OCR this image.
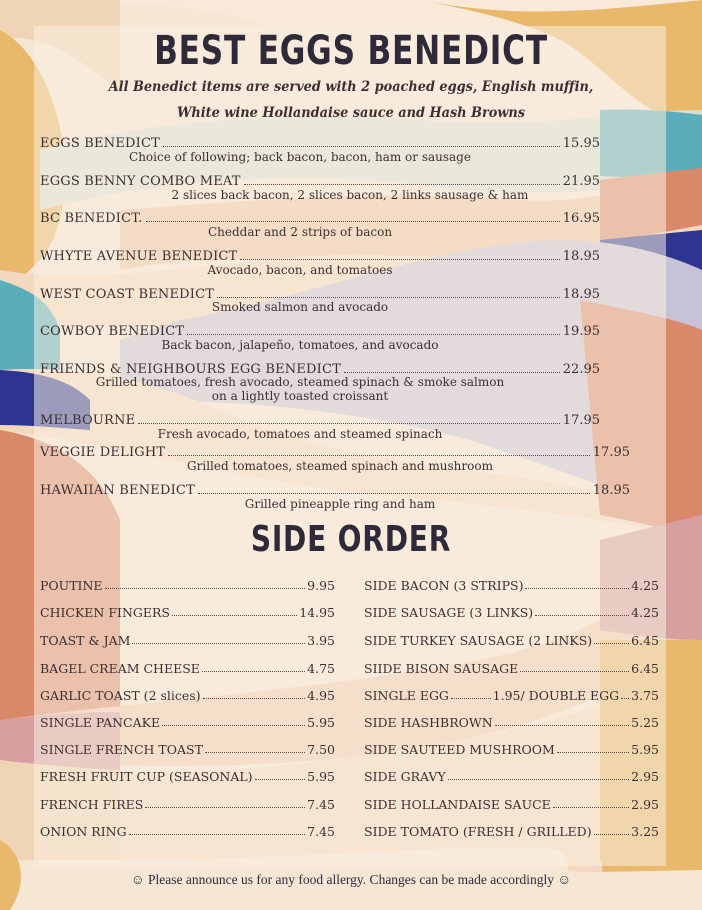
BEST EGGS BENEDICT
All Benedict items are served with 2 poached eggs, English muffin,
White wine Hollandaise sauce and Hash Browns
EGGS BENEDICT	15.95
Choice of following; back bacon, bacon, ham or sausage
EGGS BENNY COMBO MEAT	21.95
2 slices back bacon, 2 slices bacon, 2 links sausage & ham
BC BENEDICT.	16.95
Cheddar and 2 strips of bacon
WHYTE AVENUE BENEDICT	18.95
Avocado, bacon, and tomatoes
WEST COAST BENEDICT	18.95
Smoked salmon and avocado
COWBOY BENEDICT	19.95
Back bacon, jalapeño, tomatoes, and avocado
FRIENDS & NEIGHBOURS EGG BENEDICT	22.95
Grilled tomatoes, fresh avocado, steamed spinach & smoke salmon
on a lightly toasted croissant
MELBOURNE	17.95
Fresh avocado, tomatoes and steamed spinach
VEGGIE DELIGHT	17.95
Grilled tomatoes, steamed spinach and mushroom
HAWAIIAN BENEDICT	18.95
Grilled pineapple ring and ham
SIDE ORDER
POUTINE	9.95
CHICKEN FINGERS	14.95
TOAST & JAM	3.95
BAGEL CREAM CHEESE	4.75
GARLIC TOAST (2 slices)	4.95
SINGLE PANCAKE	5.95
SINGLE FRENCH TOAST	7.50
FRESH FRUIT CUP (SEASONAL)	5.95
FRENCH FIRES	7.45
ONION RING	7.45
SIDE BACON (3 STRIPS)	4.25
SIDE SAUSAGE (3 LINKS)	4.25
SIDE TURKEY SAUSAGE (2 LINKS)	6.45
SIIDE BISON SAUSAGE	6.45
SINGLE EGG	1.95 / DOUBLE EGG 3.75
SIDE HASHBROWN	5.25
SIDE SAUTEED MUSHROOM	5.95
SIDE GRAVY	2.95
SIDE HOLLANDAISE SAUCE	2.95
SIDE TOMATO (FRESH / GRILLED)	3.25
☺ Please announce us for any food allergy. Changes can be made accordingly ☺
